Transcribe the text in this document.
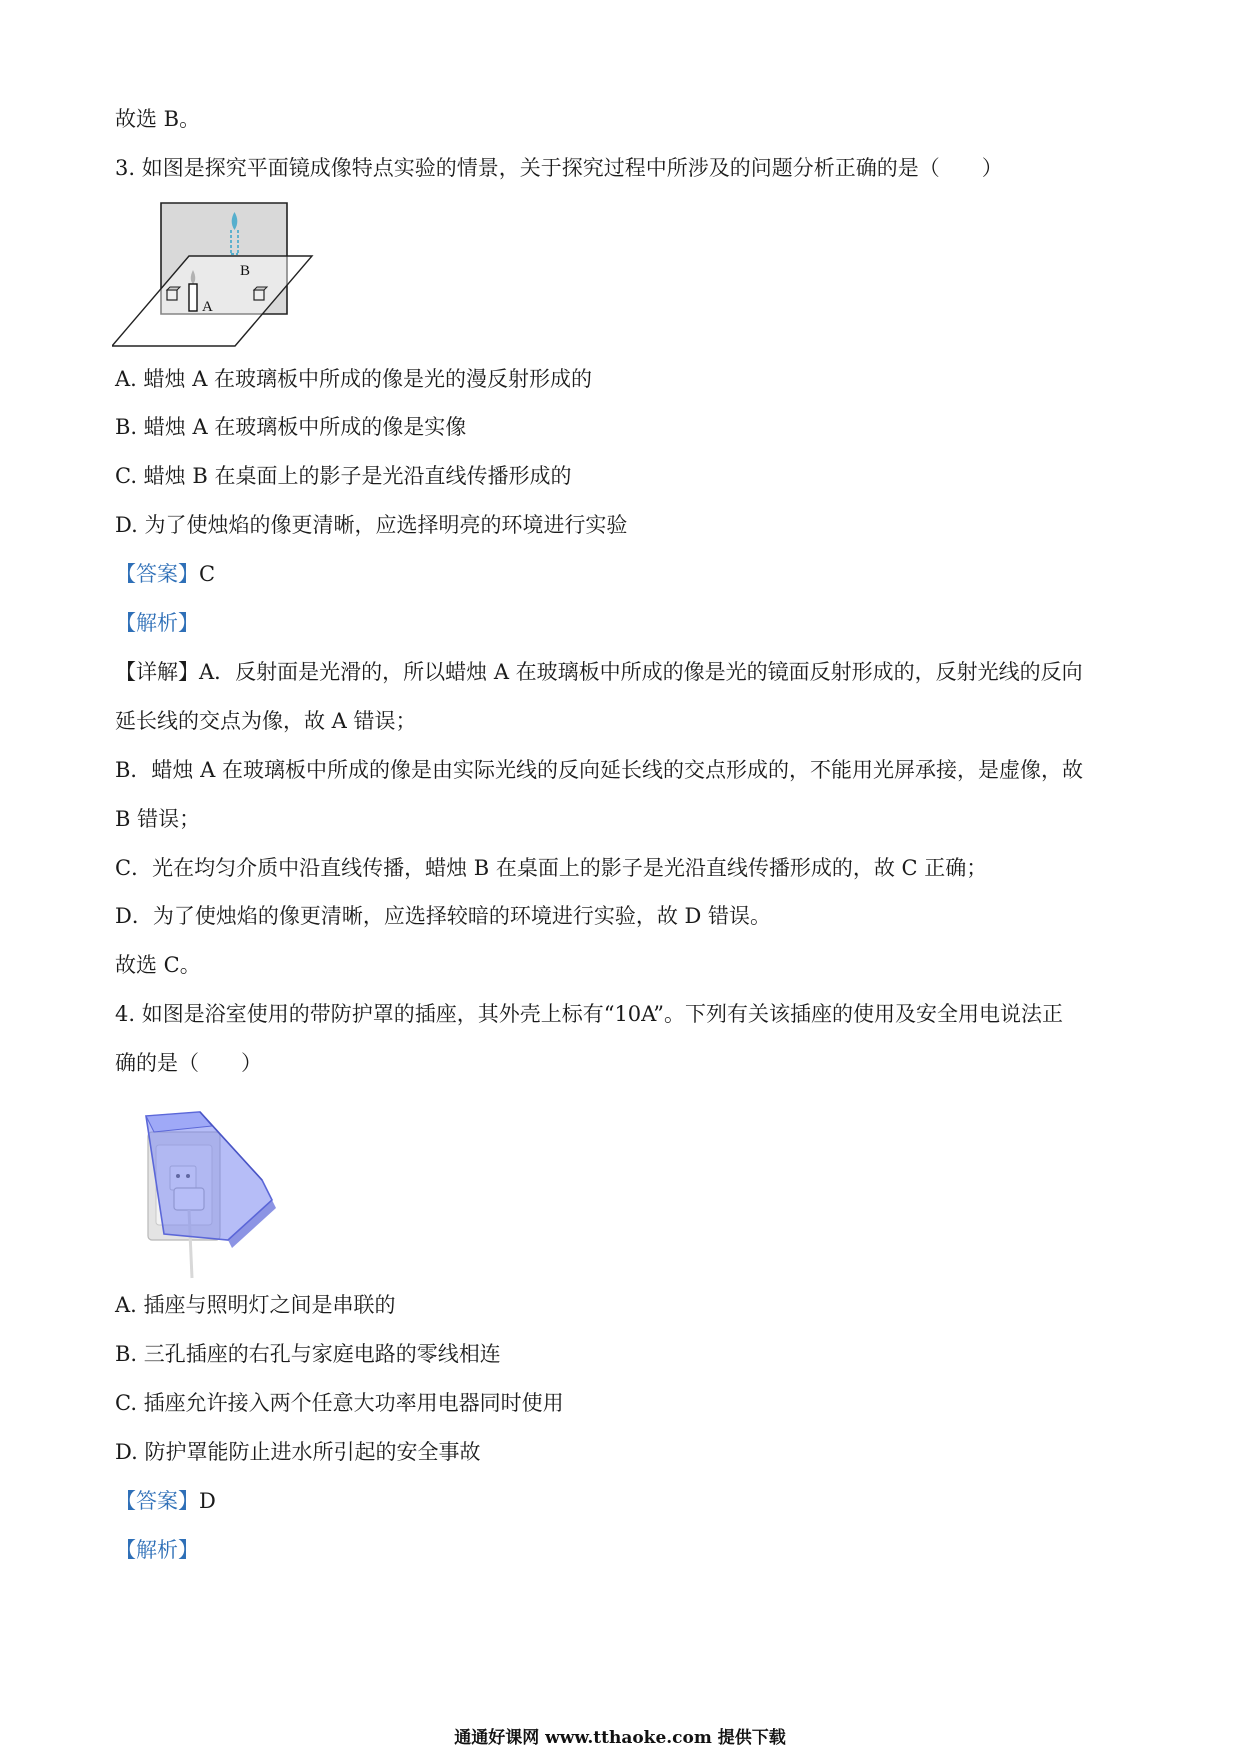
故选 B。
3. 如图是探究平面镜成像特点实验的情景，关于探究过程中所涉及的问题分析正确的是（　　）
B
A
A. 蜡烛 A 在玻璃板中所成的像是光的漫反射形成的
B. 蜡烛 A 在玻璃板中所成的像是实像
C. 蜡烛 B 在桌面上的影子是光沿直线传播形成的
D. 为了使烛焰的像更清晰，应选择明亮的环境进行实验
【答案】C
【解析】
【详解】A．反射面是光滑的，所以蜡烛 A 在玻璃板中所成的像是光的镜面反射形成的，反射光线的反向
延长线的交点为像，故 A 错误；
B．蜡烛 A 在玻璃板中所成的像是由实际光线的反向延长线的交点形成的，不能用光屏承接，是虚像，故
B 错误；
C．光在均匀介质中沿直线传播，蜡烛 B 在桌面上的影子是光沿直线传播形成的，故 C 正确；
D．为了使烛焰的像更清晰，应选择较暗的环境进行实验，故 D 错误。
故选 C。
4. 如图是浴室使用的带防护罩的插座，其外壳上标有“10A”。下列有关该插座的使用及安全用电说法正
确的是（　　）
A. 插座与照明灯之间是串联的
B. 三孔插座的右孔与家庭电路的零线相连
C. 插座允许接入两个任意大功率用电器同时使用
D. 防护罩能防止进水所引起的安全事故
【答案】D
【解析】
通通好课网 www.tthaoke.com 提供下载
